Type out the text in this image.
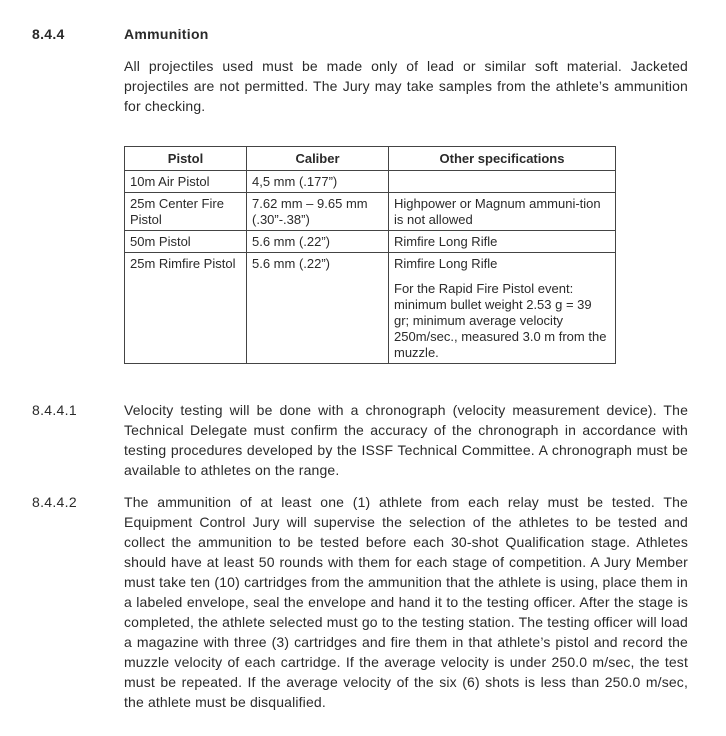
8.4.4	Ammunition
All projectiles used must be made only of lead or similar soft material. Jacketed projectiles are not permitted. The Jury may take samples from the athlete’s ammunition for checking.
Pistol	Caliber	Other specifications
10m Air Pistol	4,5 mm (.177”)	
25m Center Fire Pistol	7.62 mm – 9.65 mm (.30”-.38”)	Highpower or Magnum ammuni-tion is not allowed
50m Pistol	5.6 mm (.22”)	Rimfire Long Rifle
25m Rimfire Pistol	5.6 mm (.22”)	Rimfire Long Rifle
For the Rapid Fire Pistol event: minimum bullet weight 2.53 g = 39 gr; minimum average velocity 250m/sec., measured 3.0 m from the muzzle.
8.4.4.1	Velocity testing will be done with a chronograph (velocity measurement device). The Technical Delegate must confirm the accuracy of the chronograph in accordance with testing procedures developed by the ISSF Technical Committee. A chronograph must be available to athletes on the range.
8.4.4.2	The ammunition of at least one (1) athlete from each relay must be tested. The Equipment Control Jury will supervise the selection of the athletes to be tested and collect the ammunition to be tested before each 30-shot Qualification stage. Athletes should have at least 50 rounds with them for each stage of competition. A Jury Member must take ten (10) cartridges from the ammunition that the athlete is using, place them in a labeled envelope, seal the envelope and hand it to the testing officer. After the stage is completed, the athlete selected must go to the testing station. The testing officer will load a magazine with three (3) cartridges and fire them in that athlete’s pistol and record the muzzle velocity of each cartridge. If the average velocity is under 250.0 m/sec, the test must be repeated. If the average velocity of the six (6) shots is less than 250.0 m/sec, the athlete must be disqualified.
